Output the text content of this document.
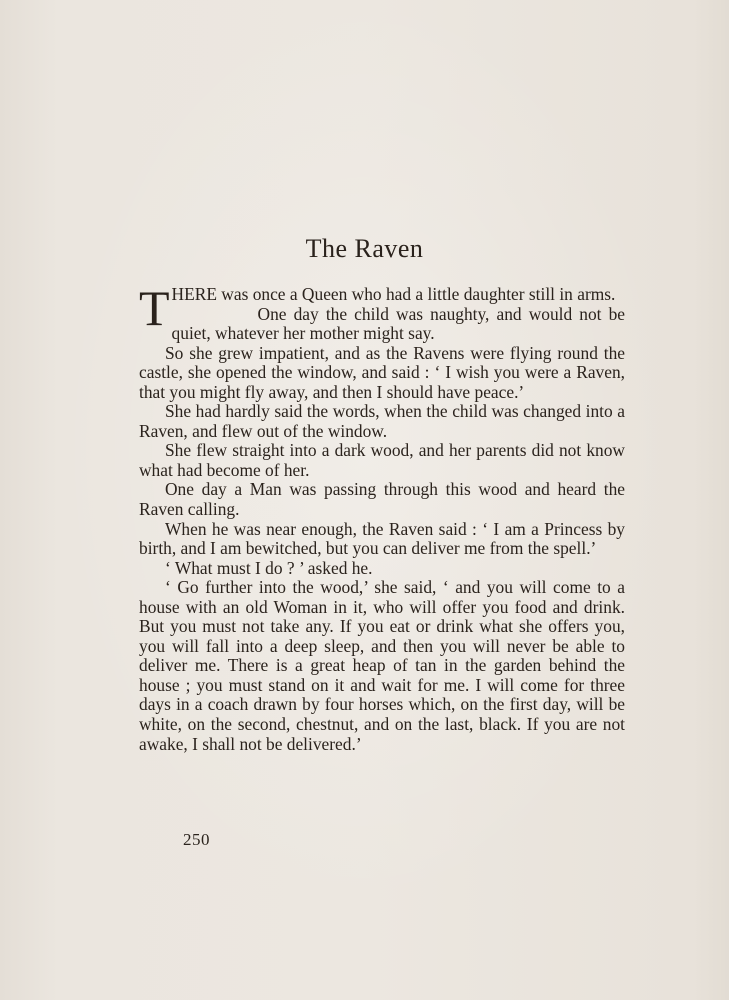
The Raven

THERE was once a Queen who had a little daughter still in arms.

One day the child was naughty, and would not be quiet, whatever her mother might say.

So she grew impatient, and as the Ravens were flying round the castle, she opened the window, and said : ‘ I wish you were a Raven, that you might fly away, and then I should have peace.’

She had hardly said the words, when the child was changed into a Raven, and flew out of the window.

She flew straight into a dark wood, and her parents did not know what had become of her.

One day a Man was passing through this wood and heard the Raven calling.

When he was near enough, the Raven said : ‘ I am a Princess by birth, and I am bewitched, but you can deliver me from the spell.’

‘ What must I do ? ’ asked he.

‘ Go further into the wood,’ she said, ‘ and you will come to a house with an old Woman in it, who will offer you food and drink. But you must not take any. If you eat or drink what she offers you, you will fall into a deep sleep, and then you will never be able to deliver me. There is a great heap of tan in the garden behind the house ; you must stand on it and wait for me. I will come for three days in a coach drawn by four horses which, on the first day, will be white, on the second, chestnut, and on the last, black. If you are not awake, I shall not be delivered.’

250
